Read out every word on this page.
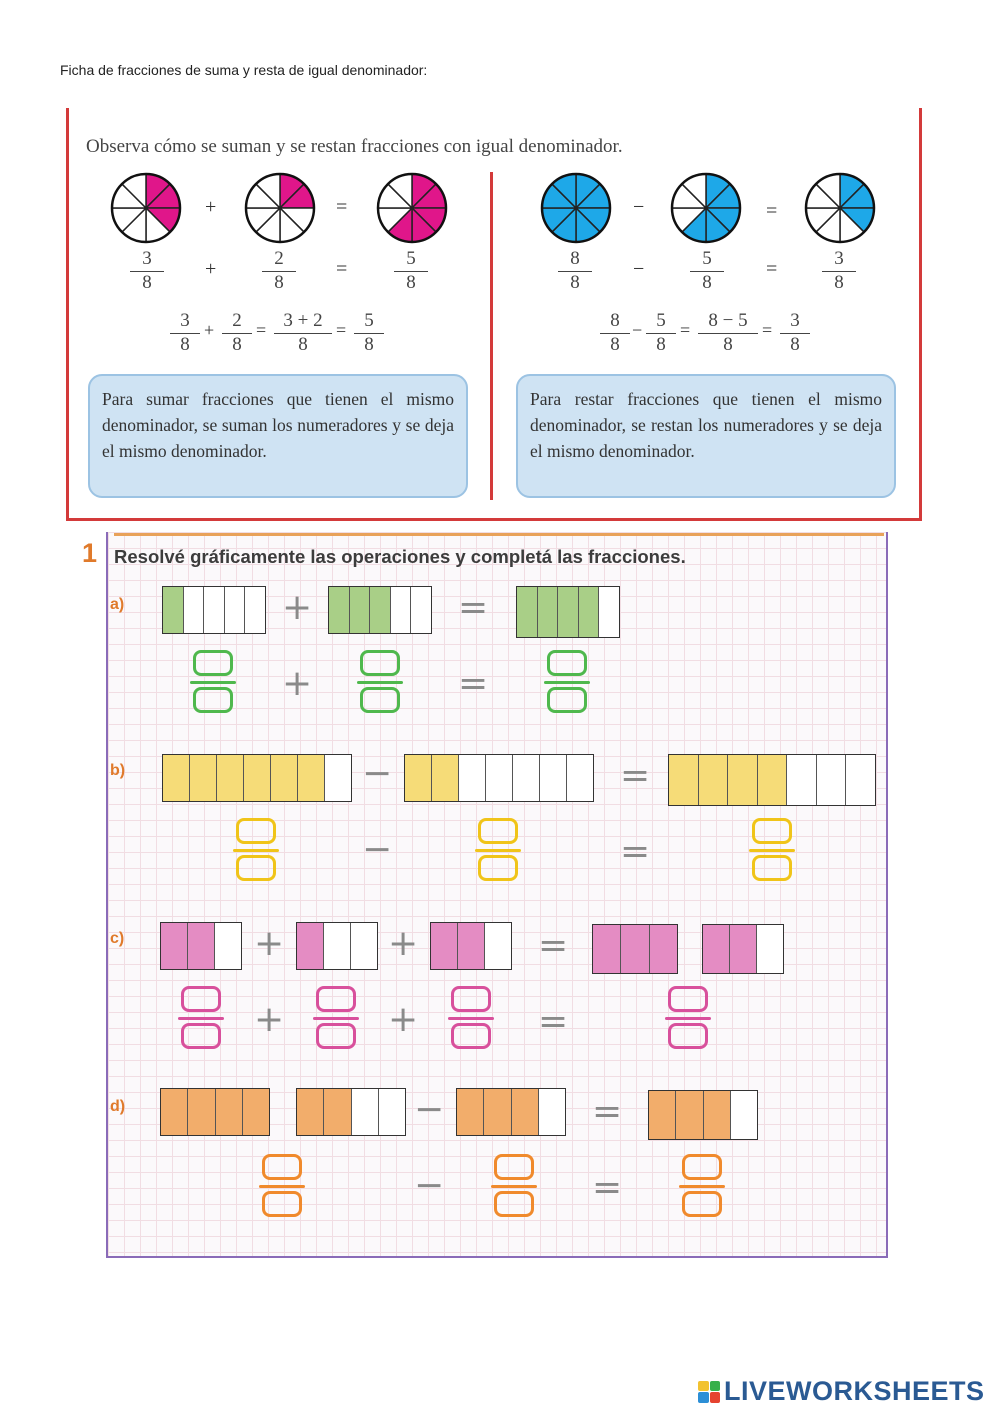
Ficha de fracciones de suma y resta de igual denominador:
Observa cómo se suman y se restan fracciones con igual denominador.
+	=
$\frac{3}{8} + \frac{2}{8} = \frac{5}{8}$
$\frac{3}{8} + \frac{2}{8} = \frac{3 + 2}{8} = \frac{5}{8}$
Para sumar fracciones que tienen el mismo denominador, se suman los numeradores y se deja el mismo denominador.
−	=
$\frac{8}{8} - \frac{5}{8} = \frac{3}{8}$
$\frac{8}{8} - \frac{5}{8} = \frac{8 - 5}{8} = \frac{3}{8}$
Para restar fracciones que tienen el mismo denominador, se restan los numeradores y se deja el mismo denominador.
1 Resolvé gráficamente las operaciones y completá las fracciones.
a)	+	=
+	=
b)	−	=
−	=
c)	+	+	=
+	+	=
d)	−	=
−	=
LIVEWORKSHEETS
